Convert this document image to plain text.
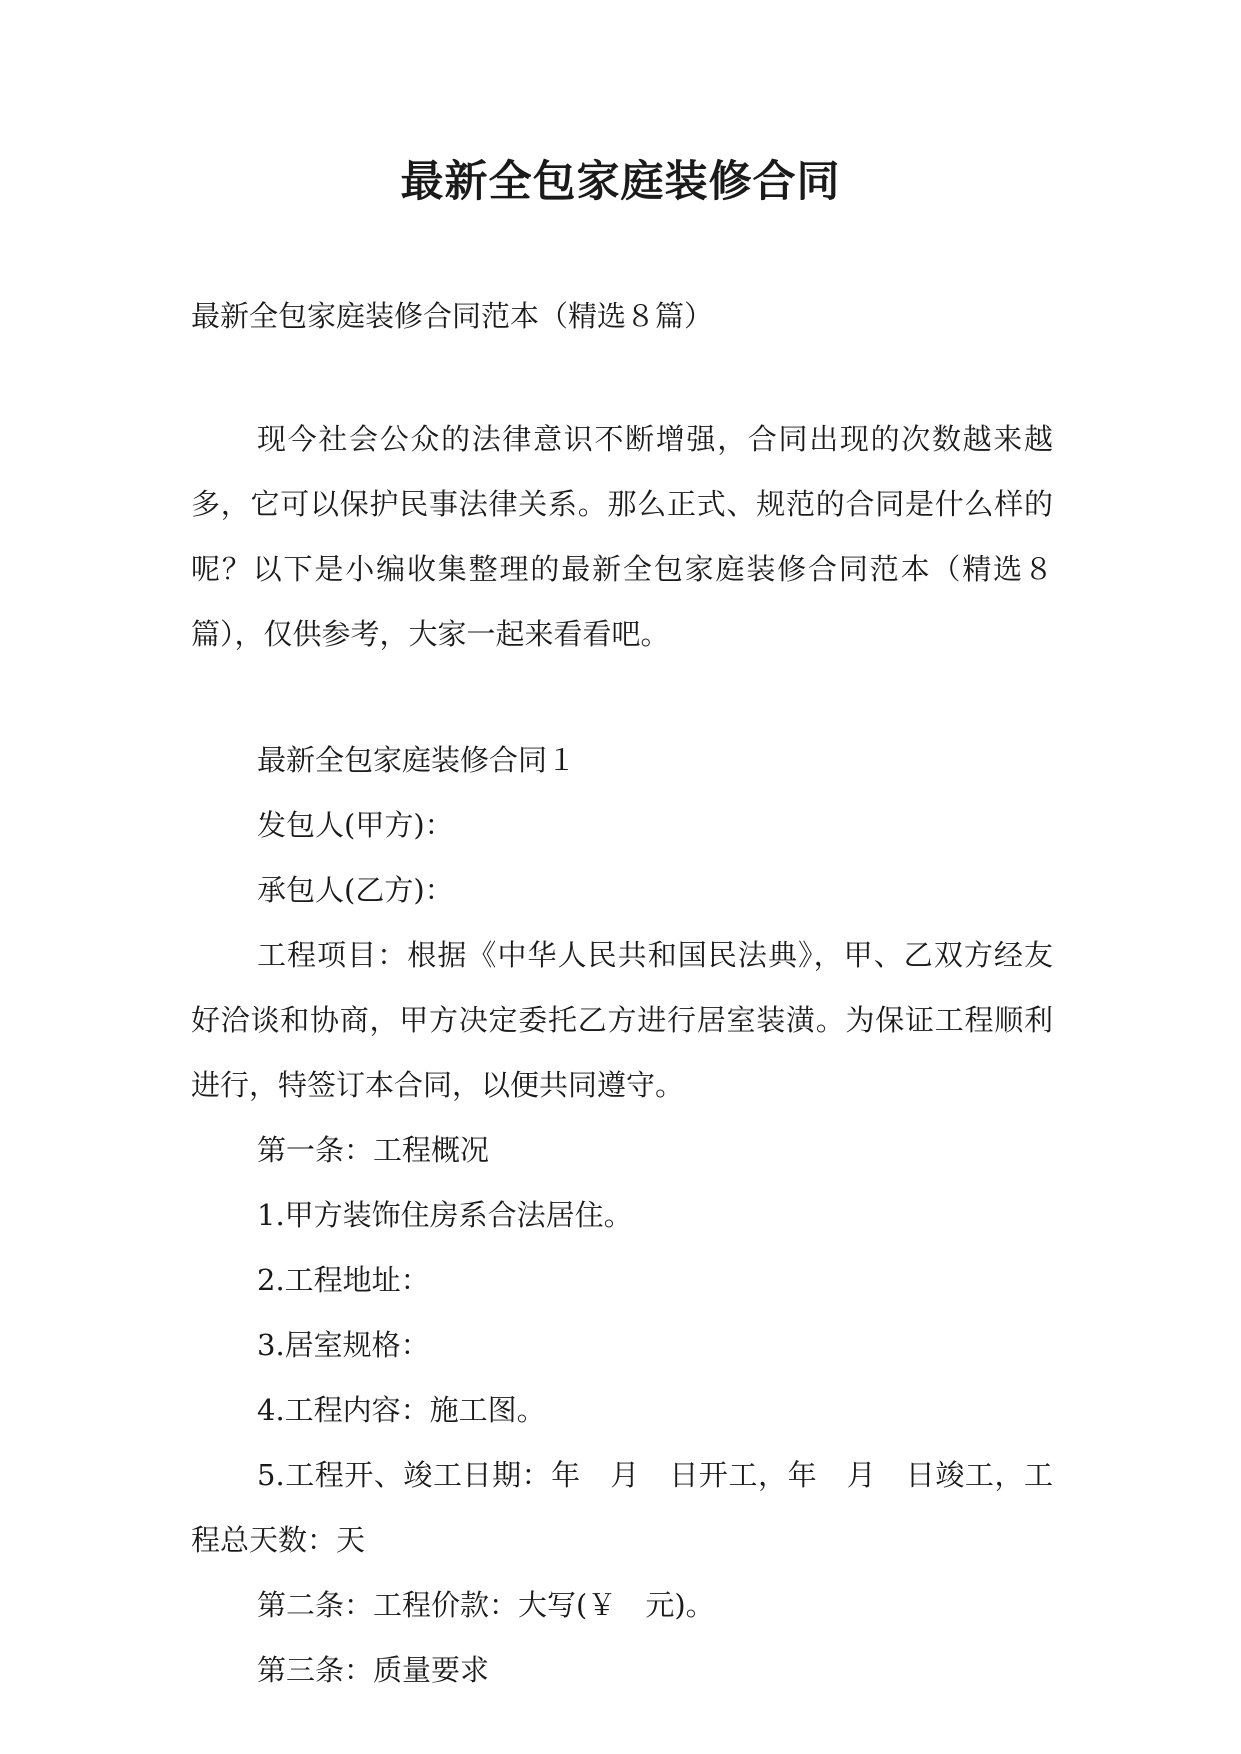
最新全包家庭装修合同
最新全包家庭装修合同范本（精选８篇）

现今社会公众的法律意识不断增强，合同出现的次数越来越多，它可以保护民事法律关系。那么正式、规范的合同是什么样的呢？以下是小编收集整理的最新全包家庭装修合同范本（精选８篇），仅供参考，大家一起来看看吧。

最新全包家庭装修合同１

发包人(甲方)：

承包人(乙方)：

工程项目：根据《中华人民共和国民法典》，甲、乙双方经友好洽谈和协商，甲方决定委托乙方进行居室装潢。为保证工程顺利进行，特签订本合同，以便共同遵守。

第一条：工程概况

1.甲方装饰住房系合法居住。

2.工程地址：

3.居室规格：

4.工程内容：施工图。

5.工程开、竣工日期：年　月　日开工，年　月　日竣工，工程总天数：天

第二条：工程价款：大写(￥　元)。

第三条：质量要求
